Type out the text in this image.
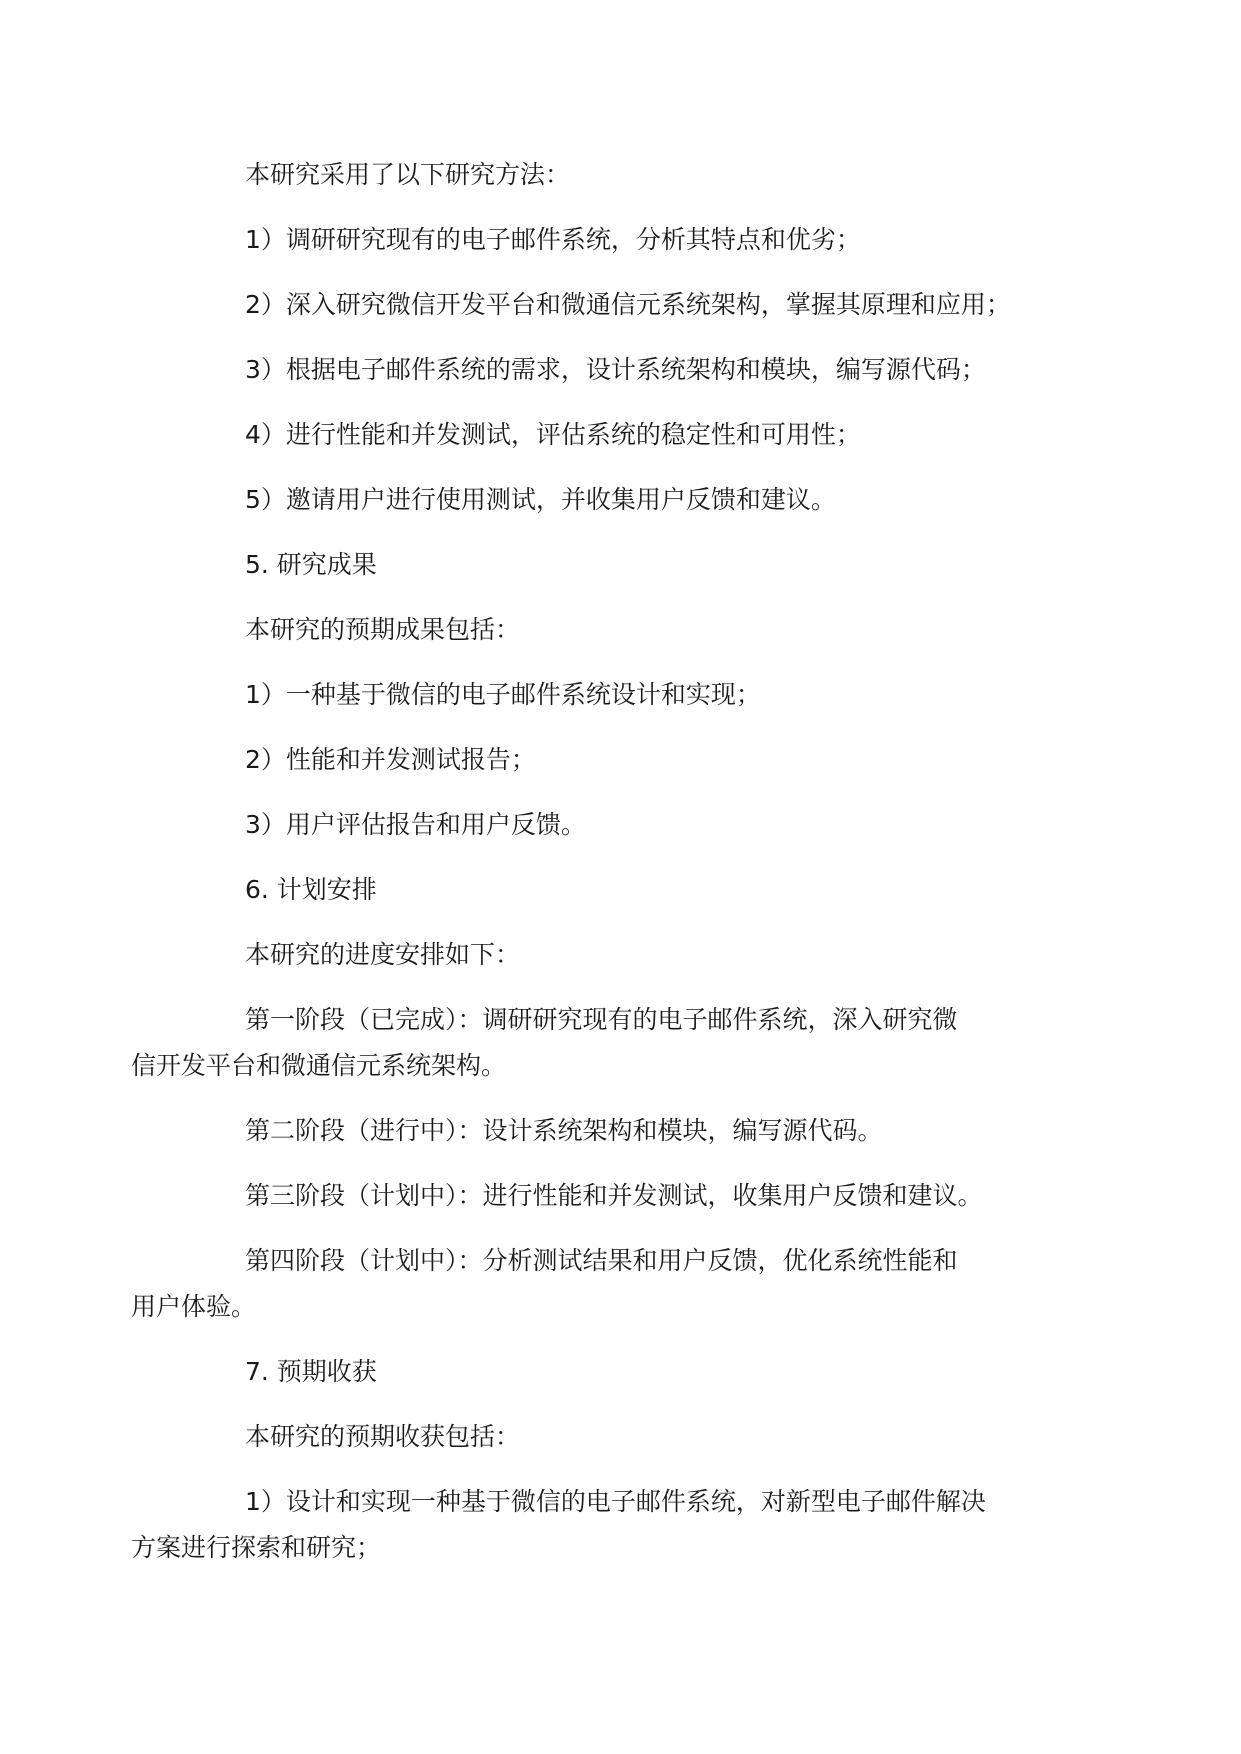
本研究采用了以下研究方法：

1）调研研究现有的电子邮件系统，分析其特点和优劣；

2）深入研究微信开发平台和微通信元系统架构，掌握其原理和应用；

3）根据电子邮件系统的需求，设计系统架构和模块，编写源代码；

4）进行性能和并发测试，评估系统的稳定性和可用性；

5）邀请用户进行使用测试，并收集用户反馈和建议。

5. 研究成果

本研究的预期成果包括：

1）一种基于微信的电子邮件系统设计和实现；

2）性能和并发测试报告；

3）用户评估报告和用户反馈。

6. 计划安排

本研究的进度安排如下：

第一阶段（已完成）：调研研究现有的电子邮件系统，深入研究微
信开发平台和微通信元系统架构。

第二阶段（进行中）：设计系统架构和模块，编写源代码。

第三阶段（计划中）：进行性能和并发测试，收集用户反馈和建议。

第四阶段（计划中）：分析测试结果和用户反馈，优化系统性能和
用户体验。

7. 预期收获

本研究的预期收获包括：

1）设计和实现一种基于微信的电子邮件系统，对新型电子邮件解决
方案进行探索和研究；
